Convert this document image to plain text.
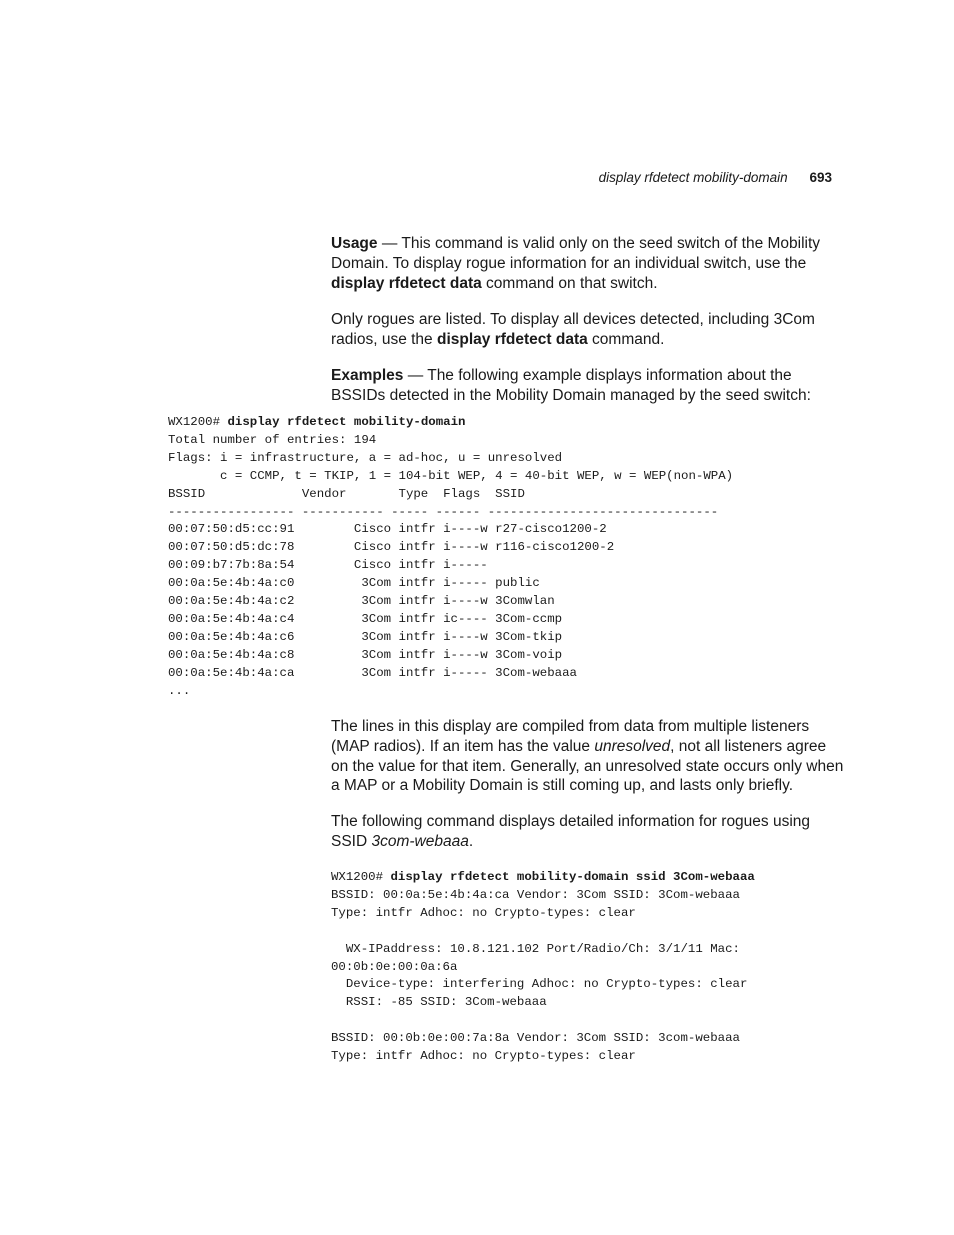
display rfdetect mobility-domain 693

Usage — This command is valid only on the seed switch of the Mobility Domain. To display rogue information for an individual switch, use the display rfdetect data command on that switch.

Only rogues are listed. To display all devices detected, including 3Com radios, use the display rfdetect data command.

Examples — The following example displays information about the BSSIDs detected in the Mobility Domain managed by the seed switch:

WX1200# display rfdetect mobility-domain
Total number of entries: 194
Flags: i = infrastructure, a = ad-hoc, u = unresolved
c = CCMP, t = TKIP, 1 = 104-bit WEP, 4 = 40-bit WEP, w = WEP(non-WPA)
BSSID             Vendor       Type  Flags  SSID
----------------- ----------- ----- ------ -------------------------------
00:07:50:d5:cc:91        Cisco intfr i----w r27-cisco1200-2
00:07:50:d5:dc:78        Cisco intfr i----w r116-cisco1200-2
00:09:b7:7b:8a:54        Cisco intfr i-----
00:0a:5e:4b:4a:c0         3Com intfr i----- public
00:0a:5e:4b:4a:c2         3Com intfr i----w 3Comwlan
00:0a:5e:4b:4a:c4         3Com intfr ic---- 3Com-ccmp
00:0a:5e:4b:4a:c6         3Com intfr i----w 3Com-tkip
00:0a:5e:4b:4a:c8         3Com intfr i----w 3Com-voip
00:0a:5e:4b:4a:ca         3Com intfr i----- 3Com-webaaa
...

The lines in this display are compiled from data from multiple listeners (MAP radios). If an item has the value unresolved, not all listeners agree on the value for that item. Generally, an unresolved state occurs only when a MAP or a Mobility Domain is still coming up, and lasts only briefly.

The following command displays detailed information for rogues using SSID 3com-webaaa.

WX1200# display rfdetect mobility-domain ssid 3Com-webaaa
BSSID: 00:0a:5e:4b:4a:ca Vendor: 3Com SSID: 3Com-webaaa
Type: intfr Adhoc: no Crypto-types: clear

WX-IPaddress: 10.8.121.102 Port/Radio/Ch: 3/1/11 Mac:
00:0b:0e:00:0a:6a
Device-type: interfering Adhoc: no Crypto-types: clear
RSSI: -85 SSID: 3Com-webaaa

BSSID: 00:0b:0e:00:7a:8a Vendor: 3Com SSID: 3com-webaaa
Type: intfr Adhoc: no Crypto-types: clear
